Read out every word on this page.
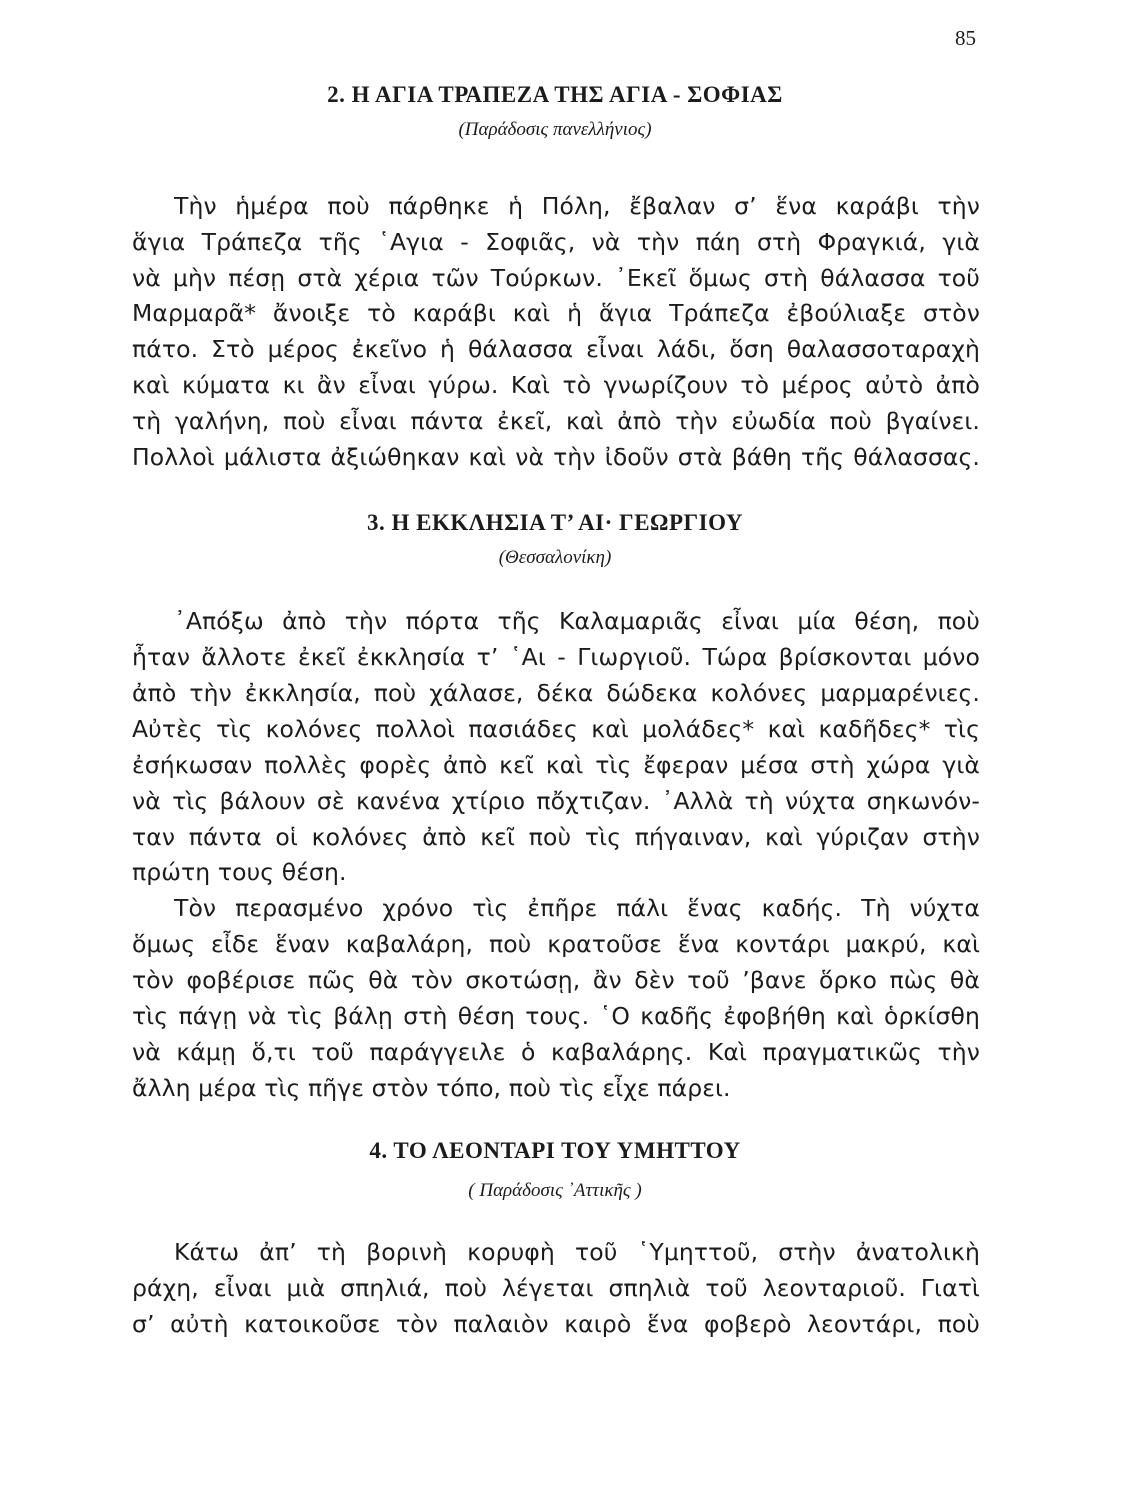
85
2. Η ΑΓΙΑ ΤΡΑΠΕΖΑ ΤΗΣ ΑΓΙΑ - ΣΟΦΙΑΣ
(Παράδοσις πανελλήνιος)
Τὴν ἡμέρα ποὺ πάρθηκε ἡ Πόλη, ἔβαλαν σ’ ἕνα καράβι τὴν
ἅγια Τράπεζα τῆς ῾Αγια - Σοφιᾶς, νὰ τὴν πάη στὴ Φραγκιά, γιὰ
νὰ μὴν πέσῃ στὰ χέρια τῶν Τούρκων. ᾿Εκεῖ ὅμως στὴ θάλασσα τοῦ
Μαρμαρᾶ* ἄνοιξε τὸ καράβι καὶ ἡ ἅγια Τράπεζα ἐβούλιαξε στὸν
πάτο. Στὸ μέρος ἐκεῖνο ἡ θάλασσα εἶναι λάδι, ὅση θαλασσοταραχὴ
καὶ κύματα κι ἂν εἶναι γύρω. Καὶ τὸ γνωρίζουν τὸ μέρος αὐτὸ ἀπὸ
τὴ γαλήνη, ποὺ εἶναι πάντα ἐκεῖ, καὶ ἀπὸ τὴν εὐωδία ποὺ βγαίνει.
Πολλοὶ μάλιστα ἀξιώθηκαν καὶ νὰ τὴν ἰδοῦν στὰ βάθη τῆς θάλασσας.
3. Η ΕΚΚΛΗΣΙΑ Τ’ ΑΙ· ΓΕΩΡΓΙΟΥ
(Θεσσαλονίκη)
᾿Απόξω ἀπὸ τὴν πόρτα τῆς Καλαμαριᾶς εἶναι μία θέση, ποὺ
ἦταν ἄλλοτε ἐκεῖ ἐκκλησία τ’ ῾Αι - Γιωργιοῦ. Τώρα βρίσκονται μόνο
ἀπὸ τὴν ἐκκλησία, ποὺ χάλασε, δέκα δώδεκα κολόνες μαρμαρένιες.
Αὐτὲς τὶς κολόνες πολλοὶ πασιάδες καὶ μολάδες* καὶ καδῆδες* τὶς
ἐσήκωσαν πολλὲς φορὲς ἀπὸ κεῖ καὶ τὶς ἔφεραν μέσα στὴ χώρα γιὰ
νὰ τὶς βάλουν σὲ κανένα χτίριο πὄχτιζαν. ᾿Αλλὰ τὴ νύχτα σηκωνόν-
ταν πάντα οἱ κολόνες ἀπὸ κεῖ ποὺ τὶς πήγαιναν, καὶ γύριζαν στὴν
πρώτη τους θέση.
Τὸν περασμένο χρόνο τὶς ἐπῆρε πάλι ἕνας καδής. Τὴ νύχτα
ὅμως εἶδε ἕναν καβαλάρη, ποὺ κρατοῦσε ἕνα κοντάρι μακρύ, καὶ
τὸν φοβέρισε πῶς θὰ τὸν σκοτώσῃ, ἂν δὲν τοῦ ’βανε ὅρκο πὼς θὰ
τὶς πάγῃ νὰ τὶς βάλῃ στὴ θέση τους. ῾Ο καδῆς ἐφοβήθη καὶ ὁρκίσθη
νὰ κάμῃ ὅ,τι τοῦ παράγγειλε ὁ καβαλάρης. Καὶ πραγματικῶς τὴν
ἄλλη μέρα τὶς πῆγε στὸν τόπο, ποὺ τὶς εἶχε πάρει.
4. ΤΟ ΛΕΟΝΤΑΡΙ ΤΟΥ ΥΜΗΤΤΟΥ
( Παράδοσις ᾿Αττικῆς )
Κάτω ἀπ’ τὴ βορινὴ κορυφὴ τοῦ ῾Υμηττοῦ, στὴν ἀνατολικὴ
ράχη, εἶναι μιὰ σπηλιά, ποὺ λέγεται σπηλιὰ τοῦ λεονταριοῦ. Γιατὶ
σ’ αὐτὴ κατοικοῦσε τὸν παλαιὸν καιρὸ ἕνα φοβερὸ λεοντάρι, ποὺ
